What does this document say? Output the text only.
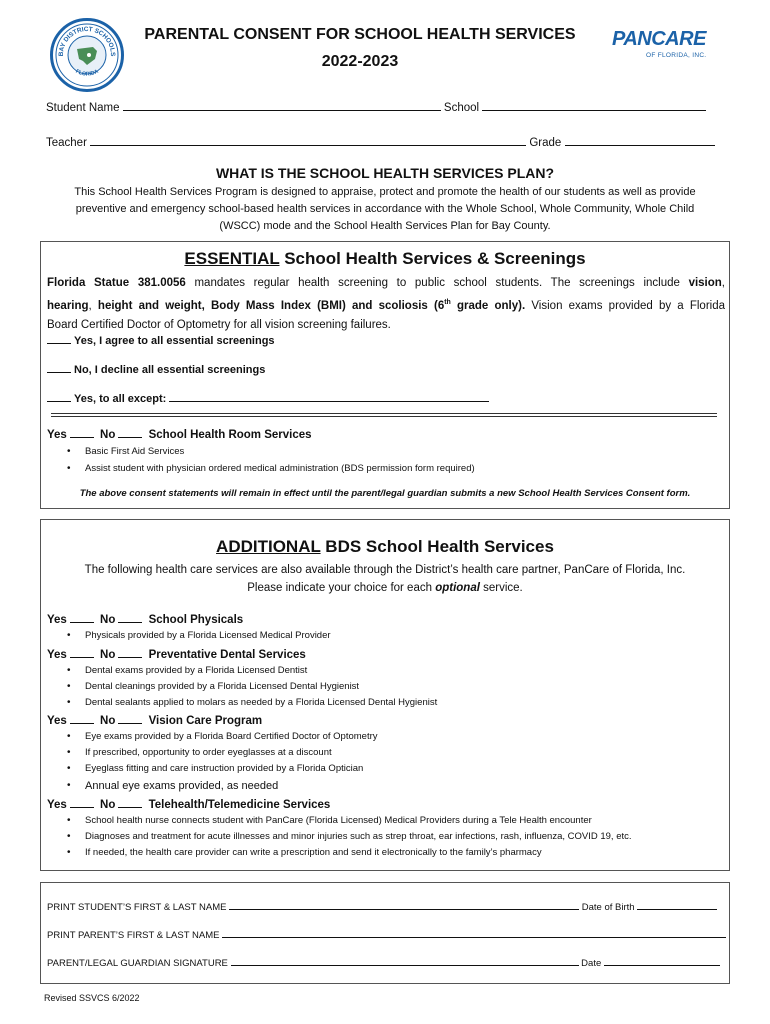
BAY DISTRICT SCHOOLS
FLORIDA
PARENTAL CONSENT FOR SCHOOL HEALTH SERVICES
2022-2023
PANCARE
OF FLORIDA, INC.
Student Name	School
Teacher	Grade
WHAT IS THE SCHOOL HEALTH SERVICES PLAN?
This School Health Services Program is designed to appraise, protect and promote the health of our students as well as provide
preventive and emergency school-based health services in accordance with the Whole School, Whole Community, Whole Child
(WSCC) mode and the School Health Services Plan for Bay County.
ESSENTIAL School Health Services & Screenings
Florida Statue 381.0056 mandates regular health screening to public school students. The screenings include vision,
hearing, height and weight, Body Mass Index (BMI) and scoliosis (6th grade only). Vision exams provided by a Florida
Board Certified Doctor of Optometry for all vision screening failures.
Yes, I agree to all essential screenings
No, I decline all essential screenings
Yes, to all except:
Yes	No	School Health Room Services
• Basic First Aid Services
• Assist student with physician ordered medical administration (BDS permission form required)
The above consent statements will remain in effect until the parent/legal guardian submits a new School Health Services Consent form.
ADDITIONAL BDS School Health Services
The following health care services are also available through the District’s health care partner, PanCare of Florida, Inc.
Please indicate your choice for each optional service.
Yes	No	School Physicals
• Physicals provided by a Florida Licensed Medical Provider
Yes	No	Preventative Dental Services
• Dental exams provided by a Florida Licensed Dentist
• Dental cleanings provided by a Florida Licensed Dental Hygienist
• Dental sealants applied to molars as needed by a Florida Licensed Dental Hygienist
Yes	No	Vision Care Program
• Eye exams provided by a Florida Board Certified Doctor of Optometry
• If prescribed, opportunity to order eyeglasses at a discount
• Eyeglass fitting and care instruction provided by a Florida Optician
• Annual eye exams provided, as needed
Yes	No	Telehealth/Telemedicine Services
• School health nurse connects student with PanCare (Florida Licensed) Medical Providers during a Tele Health encounter
• Diagnoses and treatment for acute illnesses and minor injuries such as strep throat, ear infections, rash, influenza, COVID 19, etc.
• If needed, the health care provider can write a prescription and send it electronically to the family’s pharmacy
PRINT STUDENT’S FIRST & LAST NAME	Date of Birth
PRINT PARENT’S FIRST & LAST NAME
PARENT/LEGAL GUARDIAN SIGNATURE	Date
Revised SSVCS 6/2022
